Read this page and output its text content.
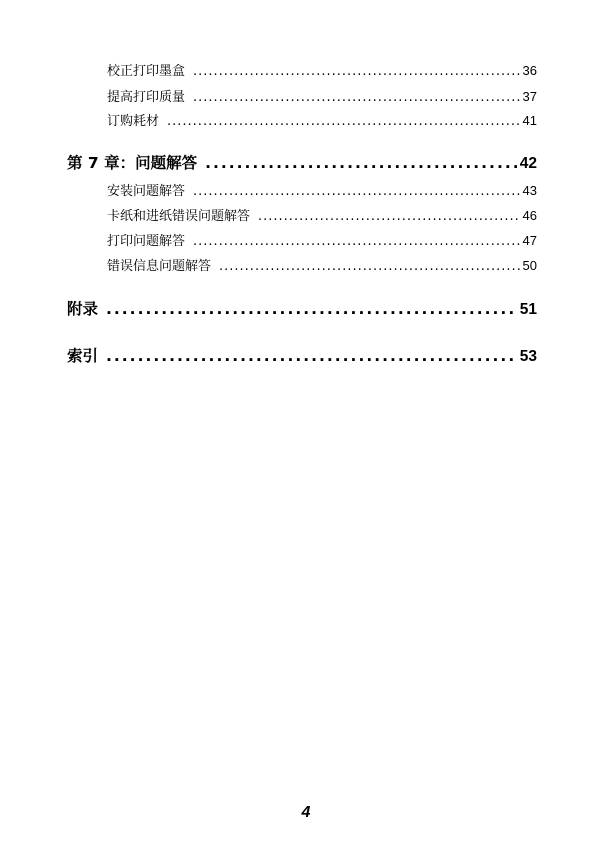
校正打印墨盒 .....	36
提高打印质量 .....	37
订购耗材 .....	41
第 7 章：问题解答 .....	42
安装问题解答 .....	43
卡纸和进纸错误问题解答 .....	46
打印问题解答 .....	47
错误信息问题解答 .....	50
附录 .....	51
索引 .....	53
4
